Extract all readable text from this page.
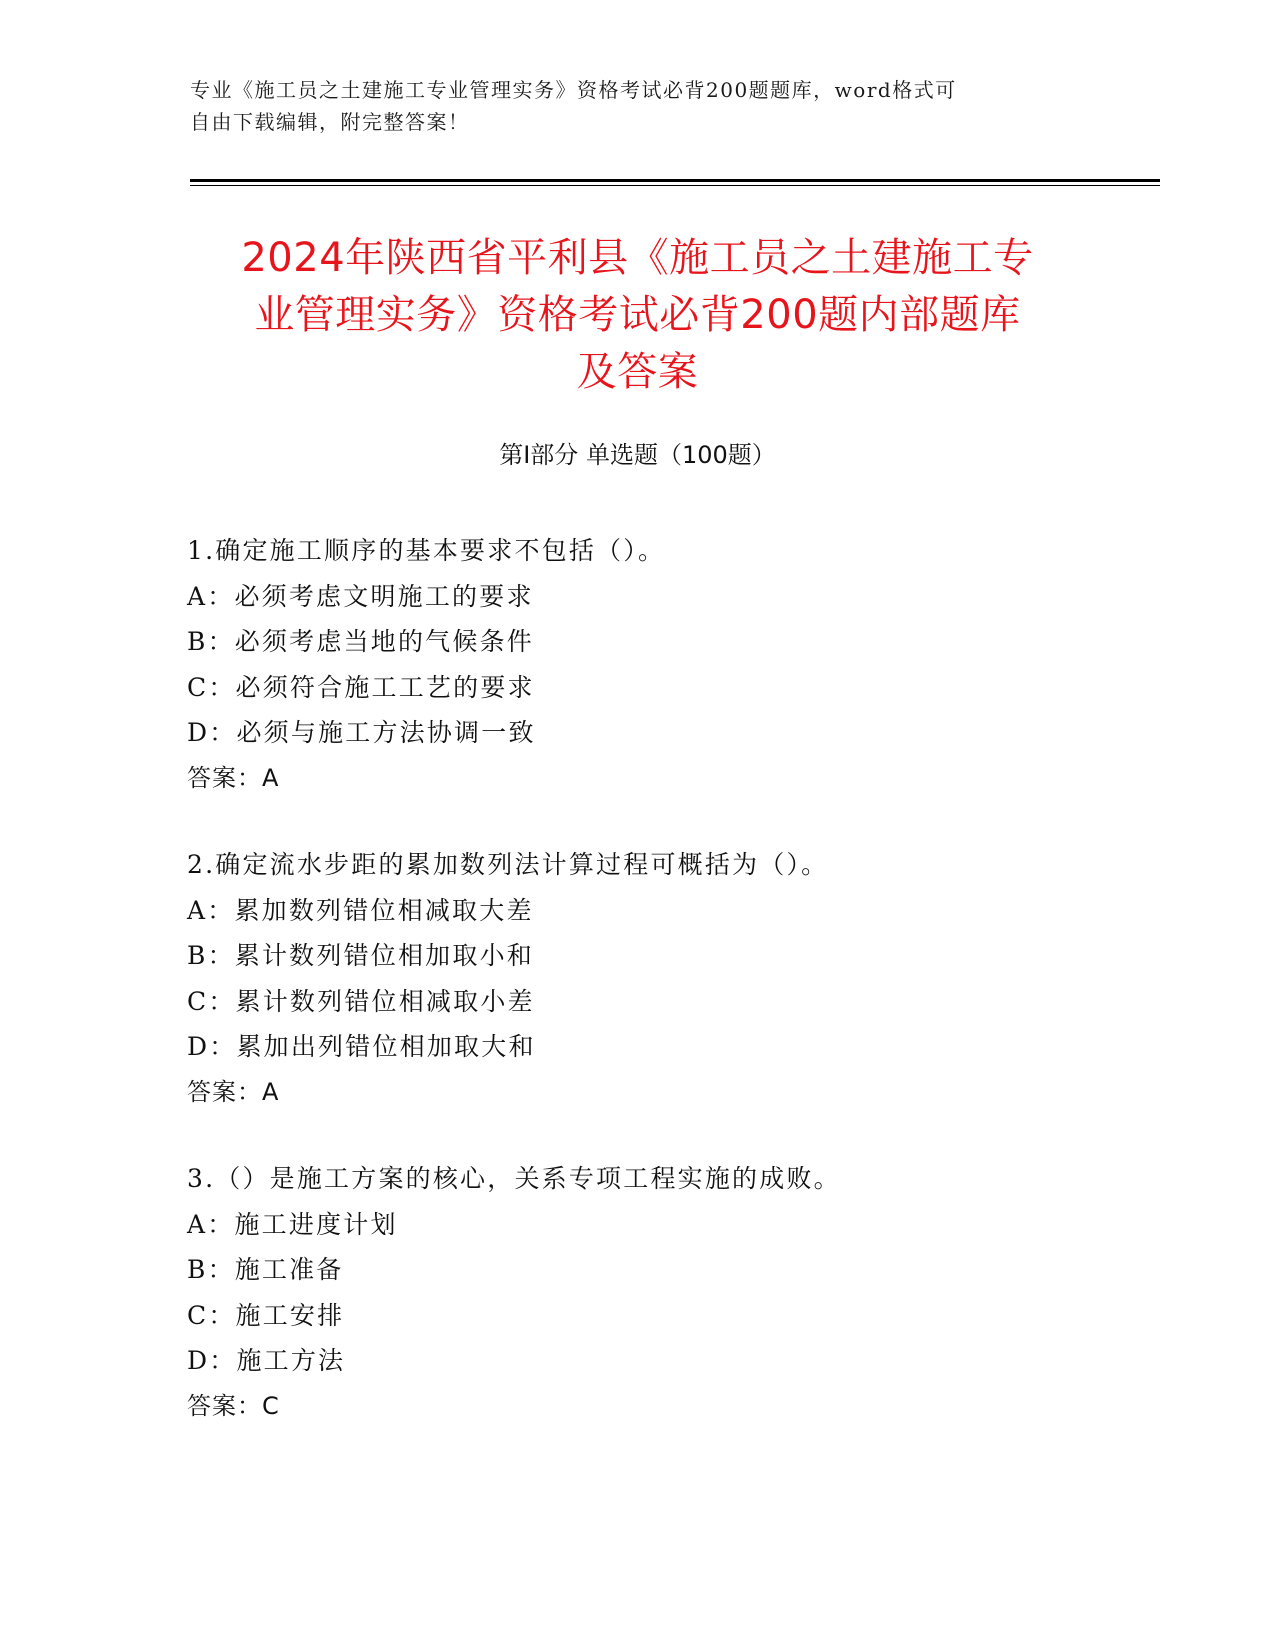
专业《施工员之土建施工专业管理实务》资格考试必背200题题库，word格式可
自由下载编辑，附完整答案！
2024年陕西省平利县《施工员之土建施工专
业管理实务》资格考试必背200题内部题库
及答案
第Ⅰ部分 单选题（100题）
1.确定施工顺序的基本要求不包括（）。
A：必须考虑文明施工的要求
B：必须考虑当地的气候条件
C：必须符合施工工艺的要求
D：必须与施工方法协调一致
答案：A
2.确定流水步距的累加数列法计算过程可概括为（）。
A：累加数列错位相减取大差
B：累计数列错位相加取小和
C：累计数列错位相减取小差
D：累加出列错位相加取大和
答案：A
3.（）是施工方案的核心，关系专项工程实施的成败。
A：施工进度计划
B：施工准备
C：施工安排
D：施工方法
答案：C
